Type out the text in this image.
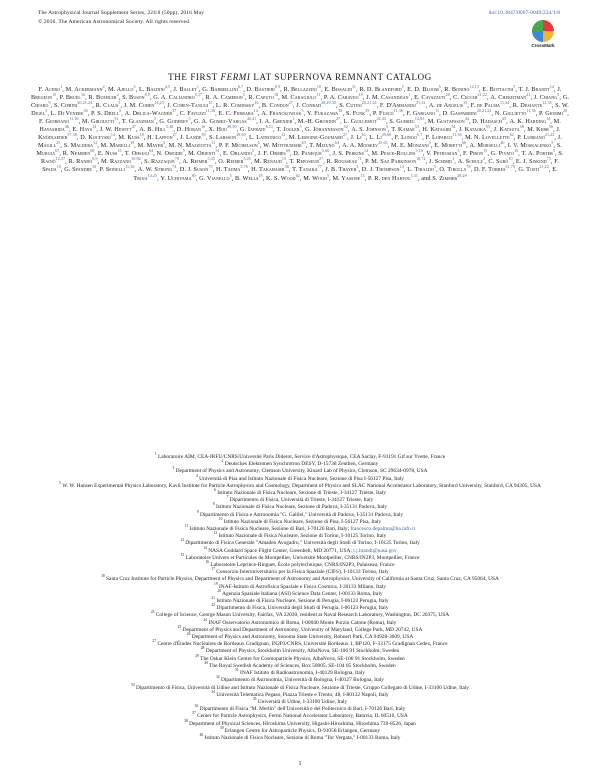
The Astrophysical Journal Supplement Series, 224:8 (50pp), 2016 May
© 2016. The American Astronomical Society. All rights reserved.
doi:10.3847/0067-0049/224/1/8
CrossMark
THE FIRST FERMI LAT SUPERNOVA REMNANT CATALOG
F. Acero$^1$, M. Ackermann$^2$, M. Ajello$^3$, L. Baldini$^{4,5}$, J. Ballet$^1$, G. Barbiellini$^{6,7}$, D. Bastieri$^{8,9}$, R. Bellazzini$^{10}$, E. Bissaldi$^{11}$, R. D. Blandford$^5$, E. D. Bloom$^5$, R. Bonino$^{12,13}$, E. Bottacini$^5$, T. J. Brandt$^{14}$, J. Bregeon$^{15}$, P. Bruel$^{16}$, R. Buehler$^2$, S. Buson$^{8,9}$, G. A. Caliandro$^{5,17}$, R. A. Cameron$^5$, R. Caputo$^{18}$, M. Caragiulo$^{11}$, P. A. Caraveo$^{19}$, J. M. Casandjian$^1$, E. Cavazzuti$^{20}$, C. Cecchi$^{21,22}$, A. Chekhtman$^{23}$, J. Chiang$^5$, G. Chiaro$^9$, S. Ciprini$^{20,21,24}$, R. Claus$^5$, J. M. Cohen$^{14,25}$, J. Cohen-Tanugi$^{15}$, L. R. Cominsky$^{26}$, B. Condon$^{27}$, J. Conrad$^{28,29,30}$, S. Cutini$^{20,21,24}$, F. D'Ammando$^{31,32}$, A. de Angelis$^{33}$, F. de Palma$^{11,34}$, R. Desiante$^{12,35}$, S. W. Digel$^5$, L. Di Venere$^{36}$, P. S. Drell$^5$, A. Drlica-Wagner$^{37}$, C. Favuzzi$^{11,36}$, E. C. Ferrara$^{14}$, A. Franckowiak$^5$, Y. Fukazawa$^{38}$, S. Funk$^{39}$, P. Fusco$^{11,36}$, F. Gargano$^{11}$, D. Gasparrini$^{20,21,24}$, N. Giglietto$^{11,36}$, P. Giommi$^{20}$, F. Giordano$^{11,36}$, M. Giroletti$^{31}$, T. Glanzman$^5$, G. Godfrey$^5$, G. A. Gomez-Vargas$^{40,41}$, I. A. Grenier$^1$, M.-H. Grondin$^{27}$, L. Guillemot$^{42,43}$, S. Guiriec$^{14,81}$, M. Gustafsson$^{44}$, D. Hadasch$^{45}$, A. K. Harding$^{14}$, M. Hayashida$^{46}$, E. Hays$^{14}$, J. W. Hewitt$^{47}$, A. B. Hill$^{5,48}$, D. Horan$^{16}$, X. Hou$^{49,50}$, G. Iafrate$^{6,51}$, T. Jogler$^5$, G. Jóhannesson$^{52}$, A. S. Johnson$^5$, T. Kamae$^{53}$, H. Katagiri$^{54}$, J. Kataoka$^{55}$, J. Katsuta$^{38}$, M. Kerr$^{56}$, J. Knödlseder$^{57,58}$, D. Kocevski$^{14}$, M. Kuss$^{10}$, H. Laffon$^{27}$, J. Lande$^{59}$, S. Larsson$^{29,60}$, L. Latronico$^{12}$, M. Lemoine-Goumard$^{27}$, J. Li$^{61}$, L. Li$^{29,60}$, F. Longo$^{6,7}$, F. Loparco$^{11,36}$, M. N. Lovellette$^{62}$, P. Lubrano$^{21,22}$, J. Magill$^{25}$, S. Maldera$^{12}$, M. Marelli$^{19}$, M. Mayer$^2$, M. N. Mazziotta$^{11}$, P. F. Michelson$^5$, W. Mitthumsiri$^{63}$, T. Mizuno$^{64}$, A. A. Moiseev$^{25,65}$, M. E. Monzani$^5$, E. Moretti$^{66}$, A. Morselli$^{40}$, I. V. Moskalenko$^5$, S. Murgia$^{67}$, R. Nemmen$^{68}$, E. Nuss$^{15}$, T. Ohsugi$^{64}$, N. Omodei$^5$, M. Orienti$^{31}$, E. Orlando$^5$, J. F. Ormes$^{69}$, D. Paneque$^{5,66}$, J. S. Perkins$^{14}$, M. Pesce-Rollins$^{5,10}$, V. Petrosian$^5$, F. Piron$^{15}$, G. Pivato$^{10}$, T. A. Porter$^5$, S. Rainò$^{12,37}$, R. Rando$^{8,9}$, M. Razzano$^{10,82}$, S. Razzaque$^{70}$, A. Reimer$^{5,45}$, O. Reimer$^{5,45}$, M. Renaud$^{15}$, T. Reposeur$^{27}$, R. Rousseau$^{71}$, P. M. Saz Parkinson$^{18,72}$, J. Schmid$^1$, A. Schulz$^2$, C. Sgrò$^{10}$, E. J. Siskind$^{73}$, F. Spada$^{10}$, G. Spandre$^{10}$, P. Spinelli$^{11,36}$, A. W. Strong$^{74}$, D. J. Suson$^{75}$, H. Tajima$^{5,76}$, H. Takahashi$^{38}$, T. Tanaka$^{77}$, J. B. Thayer$^5$, D. J. Thompson$^{14}$, L. Tibaldo$^5$, O. Tibolla$^{78}$, D. F. Torres$^{61,79}$, G. Tosti$^{21,22}$, E. Troja$^{14,25}$, Y. Uchiyama$^{80}$, G. Vianello$^5$, B. Wells$^{18}$, K. S. Wood$^{62}$, M. Wood$^5$, M. Yassine$^{15}$, P. R. den Hartog$^{5,31}$, and S. Zimmer$^{28,29}$
$^1$ Laboratoire AIM, CEA-IRFU/CNRS/Université Paris Diderot, Service d'Astrophysique, CEA Saclay, F-91191 Gif sur Yvette, France
$^2$ Deutsches Elektronen Synchrotron DESY, D-15738 Zeuthen, Germany
$^3$ Department of Physics and Astronomy, Clemson University, Kinard Lab of Physics, Clemson, SC 29634-0978, USA
$^4$ Università di Pisa and Istituto Nazionale di Fisica Nucleare, Sezione di Pisa I-56127 Pisa, Italy
$^5$ W. W. Hansen Experimental Physics Laboratory, Kavli Institute for Particle Astrophysics and Cosmology, Department of Physics and SLAC National Accelerator Laboratory, Stanford University, Stanford, CA 94305, USA
$^6$ Istituto Nazionale di Fisica Nucleare, Sezione di Trieste, I-34127 Trieste, Italy
$^7$ Dipartimento di Fisica, Università di Trieste, I-34127 Trieste, Italy
$^8$ Istituto Nazionale di Fisica Nucleare, Sezione di Padova, I-35131 Padova, Italy
$^9$ Dipartimento di Fisica e Astronomia "G. Galilei," Università di Padova, I-35131 Padova, Italy
$^{10}$ Istituto Nazionale di Fisica Nucleare, Sezione di Pisa, I-56127 Pisa, Italy
$^{11}$ Istituto Nazionale di Fisica Nucleare, Sezione di Bari, I-70126 Bari, Italy; francesco.depalma@ba.infn.it
$^{12}$ Istituto Nazionale di Fisica Nucleare, Sezione di Torino, I-10125 Torino, Italy
$^{13}$ Dipartimento di Fisica Generale "Amadeo Avogadro," Università degli Studi di Torino, I-10125 Torino, Italy
$^{14}$ NASA Goddard Space Flight Center, Greenbelt, MD 20771, USA; t.j.brandt@nasa.gov
$^{15}$ Laboratoire Univers et Particules de Montpellier, Université Montpellier, CNRS/IN2P3, Montpellier, France
$^{16}$ Laboratoire Leprince-Ringuet, École polytechnique, CNRS/IN2P3, Palaiseau, France
$^{17}$ Consorzio Interuniversitario per la Fisica Spaziale (CIFS), I-10133 Torino, Italy
$^{18}$ Santa Cruz Institute for Particle Physics, Department of Physics and Department of Astronomy and Astrophysics, University of California at Santa Cruz, Santa Cruz, CA 95064, USA
$^{19}$ INAF-Istituto di Astrofisica Spaziale e Fisica Cosmica, I-20133 Milano, Italy
$^{20}$ Agenzia Spaziale Italiana (ASI) Science Data Center, I-00133 Roma, Italy
$^{21}$ Istituto Nazionale di Fisica Nucleare, Sezione di Perugia, I-06123 Perugia, Italy
$^{22}$ Dipartimento di Fisica, Università degli Studi di Perugia, I-06123 Perugia, Italy
$^{23}$ College of Science, George Mason University, Fairfax, VA 22030, resident at Naval Research Laboratory, Washington, DC 20375, USA
$^{24}$ INAF Osservatorio Astronomico di Roma, I-00040 Monte Porzio Catone (Roma), Italy
$^{25}$ Department of Physics and Department of Astronomy, University of Maryland, College Park, MD 20742, USA
$^{26}$ Department of Physics and Astronomy, Sonoma State University, Rohnert Park, CA 94928-3609, USA
$^{27}$ Centre d'Études Nucléaires de Bordeaux Gradignan, IN2P3/CNRS, Université Bordeaux 1, BP120, F-33175 Gradignan Cedex, France
$^{28}$ Department of Physics, Stockholm University, AlbaNova, SE-106 91 Stockholm, Sweden
$^{29}$ The Oskar Klein Centre for Cosmoparticle Physics, AlbaNova, SE-106 91 Stockholm, Sweden
$^{30}$ The Royal Swedish Academy of Sciences, Box 50005, SE-104 05 Stockholm, Sweden
$^{31}$ INAF Istituto di Radioastronomia, I-40129 Bologna, Italy
$^{32}$ Dipartimento di Astronomia, Università di Bologna, I-40127 Bologna, Italy
$^{33}$ Dipartimento di Fisica, Università di Udine and Istituto Nazionale di Fisica Nucleare, Sezione di Trieste, Gruppo Collegato di Udine, I-33100 Udine, Italy
$^{34}$ Università Telematica Pegaso, Piazza Trieste e Trento, 48, I-80132 Napoli, Italy
$^{35}$ Università di Udine, I-33100 Udine, Italy
$^{36}$ Dipartimento di Fisica "M. Merlin" dell'Università e del Politecnico di Bari, I-70126 Bari, Italy
$^{37}$ Center for Particle Astrophysics, Fermi National Accelerator Laboratory, Batavia, IL 60510, USA
$^{38}$ Department of Physical Sciences, Hiroshima University, Higashi-Hiroshima, Hiroshima 739-8526, Japan
$^{39}$ Erlangen Centre for Astroparticle Physics, D-91058 Erlangen, Germany
$^{40}$ Istituto Nazionale di Fisica Nucleare, Sezione di Roma "Tor Vergata," I-00133 Roma, Italy
1
